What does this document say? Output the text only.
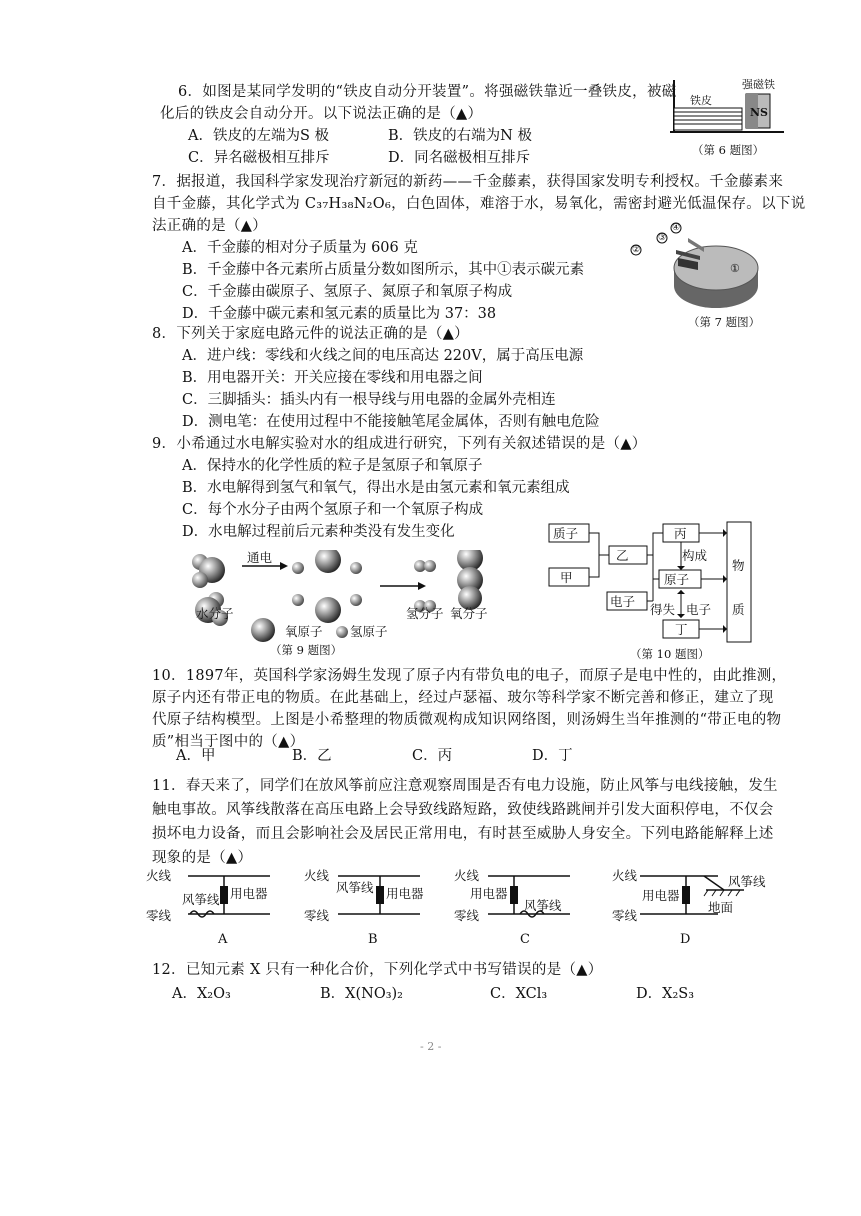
6．如图是某同学发明的“铁皮自动分开装置”。将强磁铁靠近一叠铁皮，被磁
化后的铁皮会自动分开。以下说法正确的是（▲）
A．铁皮的左端为S 极	B．铁皮的右端为N 极
C．异名磁极相互排斥	D．同名磁极相互排斥
铁皮
强磁铁
NS
（第 6 题图）
7．据报道，我国科学家发现治疗新冠的新药——千金藤素，获得国家发明专利授权。千金藤素来
自千金藤，其化学式为 C₃₇H₃₈N₂O₆，白色固体，难溶于水，易氧化，需密封避光低温保存。以下说
法正确的是（▲）
A．千金藤的相对分子质量为 606 克
B．千金藤中各元素所占质量分数如图所示，其中①表示碳元素
C．千金藤由碳原子、氢原子、氮原子和氧原子构成
D．千金藤中碳元素和氢元素的质量比为 37：38
④
③
②
①
（第 7 题图）
8．下列关于家庭电路元件的说法正确的是（▲）
A．进户线：零线和火线之间的电压高达 220V，属于高压电源
B．用电器开关：开关应接在零线和用电器之间
C．三脚插头：插头内有一根导线与用电器的金属外壳相连
D．测电笔：在使用过程中不能接触笔尾金属体，否则有触电危险
9．小希通过水电解实验对水的组成进行研究，下列有关叙述错误的是（▲）
A．保持水的化学性质的粒子是氢原子和氧原子
B．水电解得到氢气和氧气，得出水是由氢元素和氧元素组成
C．每个水分子由两个氢原子和一个氧原子构成
D．水电解过程前后元素种类没有发生变化
通电
水分子	氢分子 氧分子
氧原子 氢原子
（第 9 题图）
质子
甲
乙
丙
原子
电子
丁
构成
得失 电子
物
质
（第 10 题图）
10．1897年，英国科学家汤姆生发现了原子内有带负电的电子，而原子是电中性的，由此推测，
原子内还有带正电的物质。在此基础上，经过卢瑟福、玻尔等科学家不断完善和修正，建立了现
代原子结构模型。上图是小希整理的物质微观构成知识网络图，则汤姆生当年推测的“带正电的物
质”相当于图中的（▲）
A．甲	B．乙	C．丙	D．丁
11．春天来了，同学们在放风筝前应注意观察周围是否有电力设施，防止风筝与电线接触，发生
触电事故。风筝线散落在高压电路上会导致线路短路，致使线路跳闸并引发大面积停电，不仅会
损坏电力设备，而且会影响社会及居民正常用电，有时甚至威胁人身安全。下列电路能解释上述
现象的是（▲）
火线
零线
风筝线 用电器
A
火线
零线
风筝线 用电器
B
火线
零线
用电器
风筝线
C
火线
零线
用电器
风筝线
地面
D
12．已知元素 X 只有一种化合价，下列化学式中书写错误的是（▲）
A．X₂O₃	B．X(NO₃)₂	C．XCl₃	D．X₂S₃
- 2 -
